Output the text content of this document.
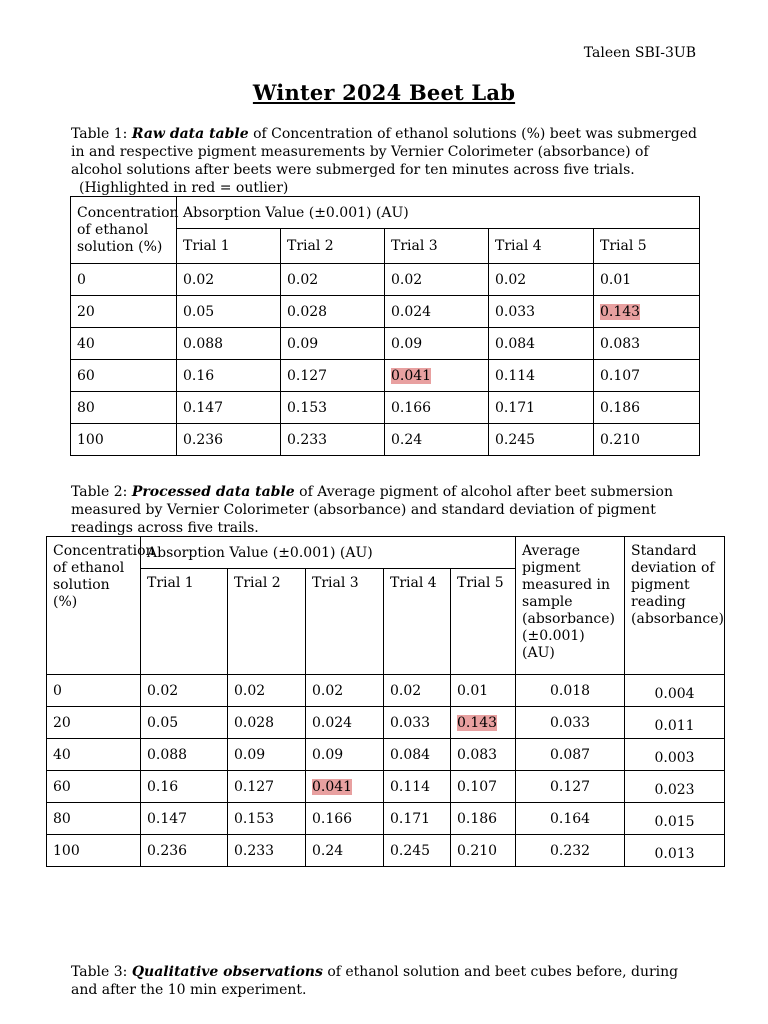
Taleen SBI-3UB
Winter 2024 Beet Lab

Table 1: Raw data table of Concentration of ethanol solutions (%) beet was submerged in and respective pigment measurements by Vernier Colorimeter (absorbance) of alcohol solutions after beets were submerged for ten minutes across five trials.
(Highlighted in red = outlier)

Concentration of ethanol solution (%)	Absorption Value (±0.001) (AU)				
	Trial 1	Trial 2	Trial 3	Trial 4	Trial 5
0	0.02	0.02	0.02	0.02	0.01
20	0.05	0.028	0.024	0.033	0.143
40	0.088	0.09	0.09	0.084	0.083
60	0.16	0.127	0.041	0.114	0.107
80	0.147	0.153	0.166	0.171	0.186
100	0.236	0.233	0.24	0.245	0.210

Table 2: Processed data table of Average pigment of alcohol after beet submersion measured by Vernier Colorimeter (absorbance) and standard deviation of pigment readings across five trails.

Concentration of ethanol solution (%)	Absorption Value (±0.001) (AU)					Average pigment measured in sample (absorbance) (±0.001) (AU)	Standard deviation of pigment reading (absorbance)
	Trial 1	Trial 2	Trial 3	Trial 4	Trial 5		
0	0.02	0.02	0.02	0.02	0.01	0.018	0.004
20	0.05	0.028	0.024	0.033	0.143	0.033	0.011
40	0.088	0.09	0.09	0.084	0.083	0.087	0.003
60	0.16	0.127	0.041	0.114	0.107	0.127	0.023
80	0.147	0.153	0.166	0.171	0.186	0.164	0.015
100	0.236	0.233	0.24	0.245	0.210	0.232	0.013

Table 3: Qualitative observations of ethanol solution and beet cubes before, during and after the 10 min experiment.
